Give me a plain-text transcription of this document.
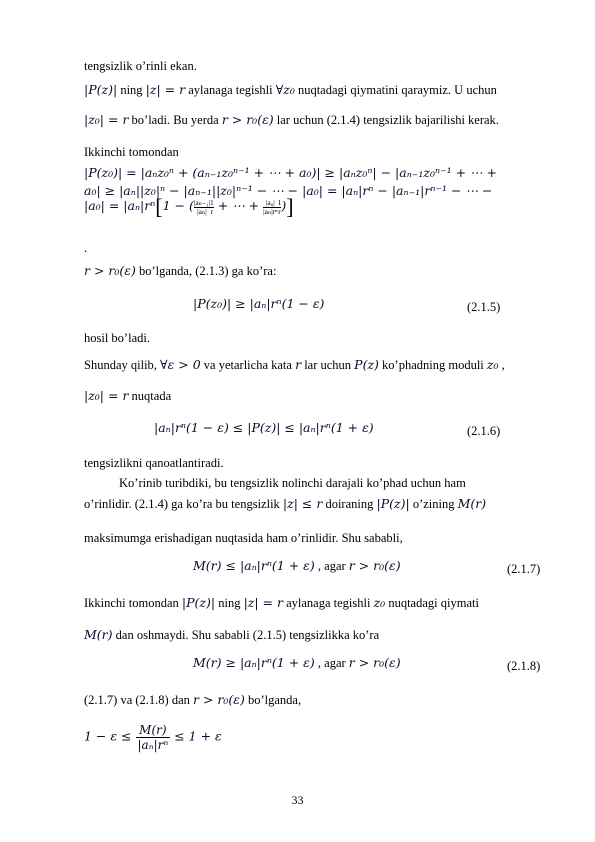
tengsizlik o’rinli ekan.
|P(z)| ning |z| = r aylanaga tegishli ∀z₀ nuqtadagi qiymatini qaraymiz. U uchun
|z₀| = r bo’ladi. Bu yerda r > r₀(ε) lar uchun (2.1.4) tengsizlik bajarilishi kerak.
Ikkinchi tomondan
|P(z₀)| = |aₙz₀ⁿ + (aₙ₋₁z₀ⁿ⁻¹ + ⋯ + a₀)| ≥ |aₙz₀ⁿ| − |aₙ₋₁z₀ⁿ⁻¹ + ⋯ +
a₀| ≥ |aₙ||z₀|ⁿ − |aₙ₋₁||z₀|ⁿ⁻¹ − ⋯ − |a₀| = |aₙ|rⁿ − |aₙ₋₁|rⁿ⁻¹ − ⋯ −
|a₀| = |aₙ|rⁿ[1 − ( $\frac{\text{|aₙ₋₁|}}{\text{|aₙ|}} \frac{1}{r}$ + ⋯ + $\frac{\text{|a₀|}}{\text{|aₙ|rⁿ}} \frac{1}{r}$ )]
.
r > r₀(ε) bo’lganda, (2.1.3) ga ko’ra:
|P(z₀)| ≥ |aₙ|rⁿ(1 − ε)	(2.1.5)
hosil bo’ladi.
Shunday qilib, ∀ε > 0 va yetarlicha kata r lar uchun P(z) ko’phadning moduli z₀ ,
|z₀| = r nuqtada
|aₙ|rⁿ(1 − ε) ≤ |P(z)| ≤ |aₙ|rⁿ(1 + ε)	(2.1.6)
tengsizlikni qanoatlantiradi.
Ko’rinib turibdiki, bu tengsizlik nolinchi darajali ko’phad uchun ham
o’rinlidir. (2.1.4) ga ko’ra bu tengsizlik |z| ≤ r doiraning |P(z)| o’zining M(r)
maksimumga erishadigan nuqtasida ham o’rinlidir. Shu sababli,
M(r) ≤ |aₙ|rⁿ(1 + ε) , agar r > r₀(ε)	(2.1.7)
Ikkinchi tomondan |P(z)| ning |z| = r aylanaga tegishli z₀ nuqtadagi qiymati
M(r) dan oshmaydi. Shu sababli (2.1.5) tengsizlikka ko’ra
M(r) ≥ |aₙ|rⁿ(1 + ε) , agar r > r₀(ε)	(2.1.8)
(2.1.7) va (2.1.8) dan r > r₀(ε) bo’lganda,
$1 - \varepsilon \le \frac{M(r)}{\text{|aₙ|rⁿ}} \le 1 + \varepsilon$
33
